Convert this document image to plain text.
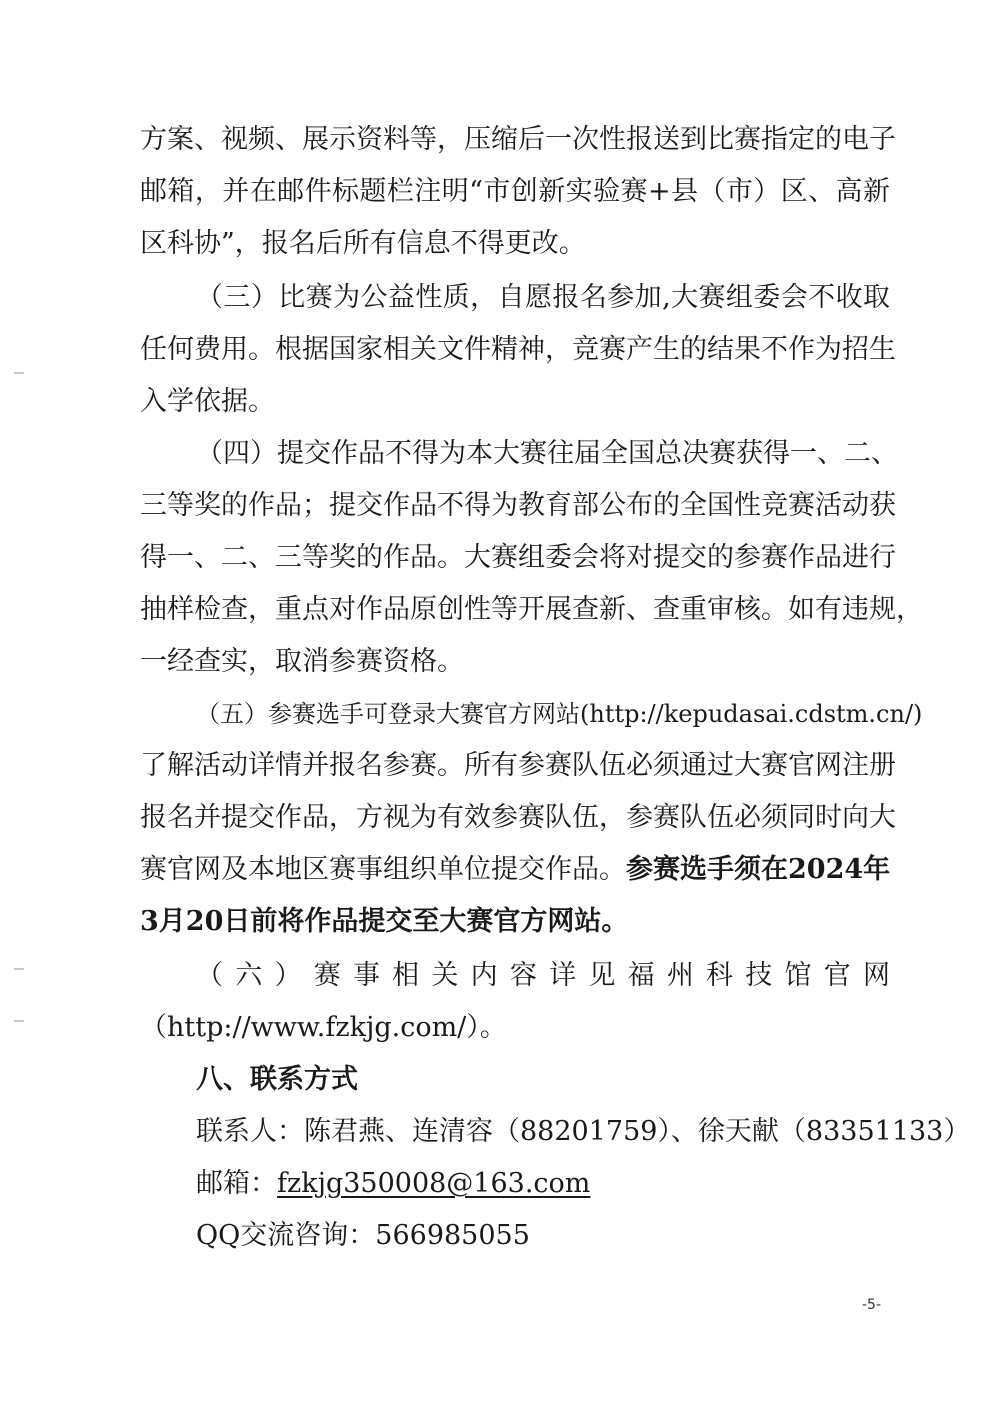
方案、视频、展示资料等，压缩后一次性报送到比赛指定的电子
邮箱，并在邮件标题栏注明“市创新实验赛+县（市）区、高新
区科协”，报名后所有信息不得更改。
（三）比赛为公益性质，自愿报名参加,大赛组委会不收取
任何费用。根据国家相关文件精神，竞赛产生的结果不作为招生
入学依据。
（四）提交作品不得为本大赛往届全国总决赛获得一、二、
三等奖的作品；提交作品不得为教育部公布的全国性竞赛活动获
得一、二、三等奖的作品。大赛组委会将对提交的参赛作品进行
抽样检查，重点对作品原创性等开展查新、查重审核。如有违规，
一经查实，取消参赛资格。
（五）参赛选手可登录大赛官方网站(http://kepudasai.cdstm.cn/)
了解活动详情并报名参赛。所有参赛队伍必须通过大赛官网注册
报名并提交作品，方视为有效参赛队伍，参赛队伍必须同时向大
赛官网及本地区赛事组织单位提交作品。参赛选手须在2024年
3月20日前将作品提交至大赛官方网站。
（六）赛事相关内容详见福州科技馆官网
（http://www.fzkjg.com/）。
八、联系方式
联系人：陈君燕、连清容（88201759）、徐天献（83351133）
邮箱：fzkjg350008@163.com
QQ交流咨询：566985055
-5-
